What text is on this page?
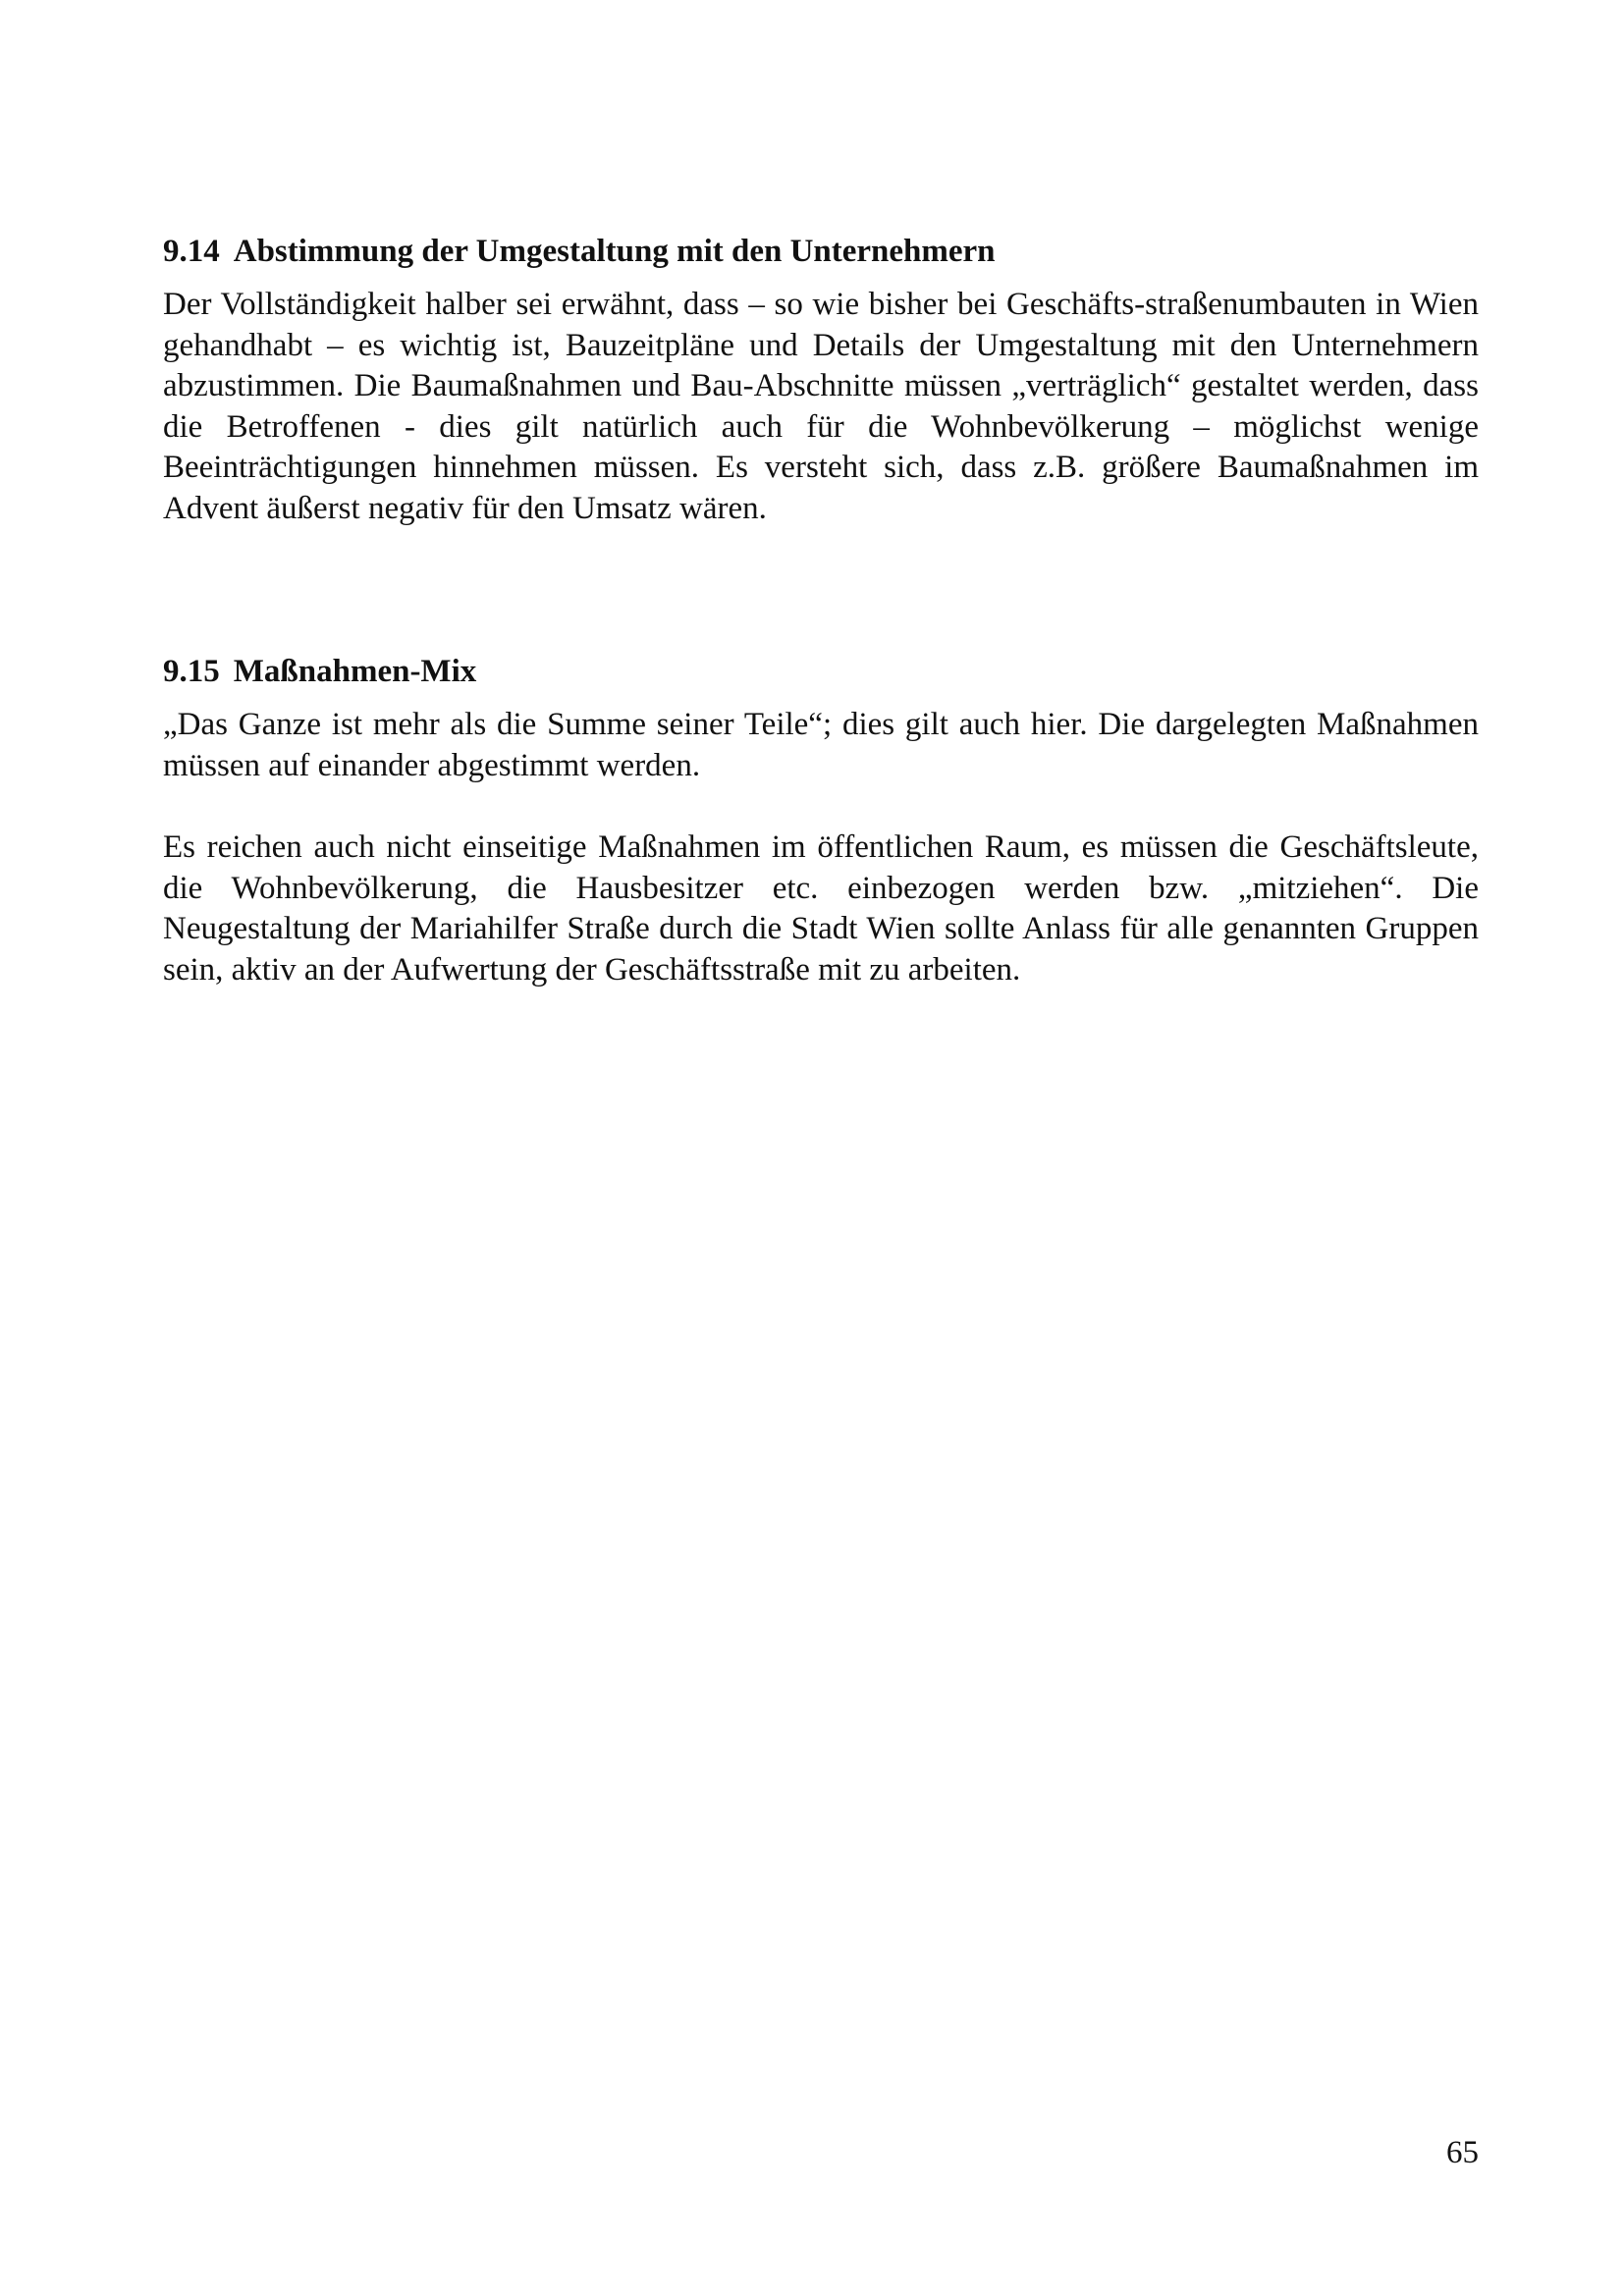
9.14 Abstimmung der Umgestaltung mit den Unternehmern

Der Vollständigkeit halber sei erwähnt, dass – so wie bisher bei Geschäfts-straßenumbauten in Wien gehandhabt – es wichtig ist, Bauzeitpläne und Details der Umgestaltung mit den Unternehmern abzustimmen. Die Baumaßnahmen und Bau-Abschnitte müssen „verträglich“ gestaltet werden, dass die Betroffenen - dies gilt natürlich auch für die Wohnbevölkerung – möglichst wenige Beeinträchtigungen hinnehmen müssen. Es versteht sich, dass z.B. größere Baumaßnahmen im Advent äußerst negativ für den Umsatz wären.

9.15 Maßnahmen-Mix

„Das Ganze ist mehr als die Summe seiner Teile“; dies gilt auch hier. Die dargelegten Maßnahmen müssen auf einander abgestimmt werden.

Es reichen auch nicht einseitige Maßnahmen im öffentlichen Raum, es müssen die Geschäftsleute, die Wohnbevölkerung, die Hausbesitzer etc. einbezogen werden bzw. „mitziehen“. Die Neugestaltung der Mariahilfer Straße durch die Stadt Wien sollte Anlass für alle genannten Gruppen sein, aktiv an der Aufwertung der Geschäftsstraße mit zu arbeiten.

65
